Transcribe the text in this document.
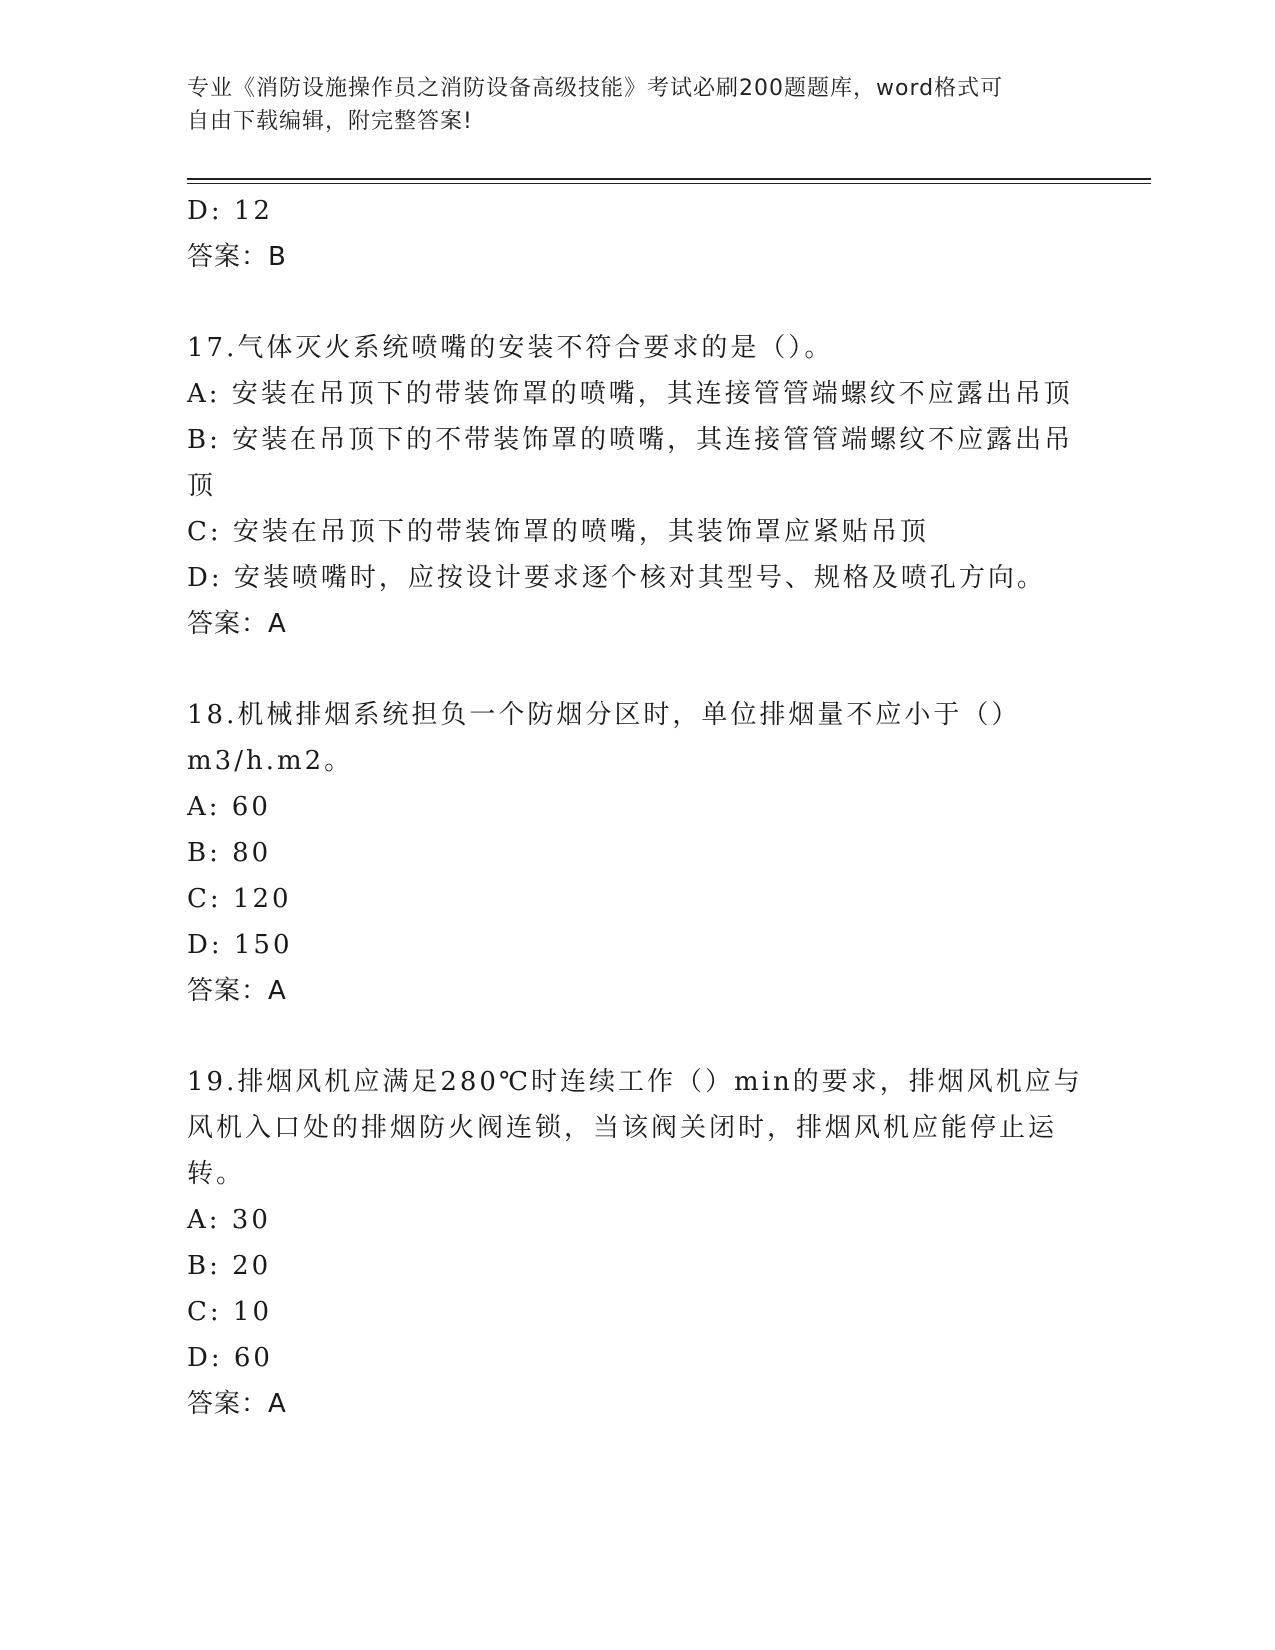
专业《消防设施操作员之消防设备高级技能》考试必刷200题题库，word格式可
自由下载编辑，附完整答案!
D: 12
答案：B
17.气体灭火系统喷嘴的安装不符合要求的是（）。
A: 安装在吊顶下的带装饰罩的喷嘴，其连接管管端螺纹不应露出吊顶
B: 安装在吊顶下的不带装饰罩的喷嘴，其连接管管端螺纹不应露出吊
顶
C: 安装在吊顶下的带装饰罩的喷嘴，其装饰罩应紧贴吊顶
D: 安装喷嘴时，应按设计要求逐个核对其型号、规格及喷孔方向。
答案：A
18.机械排烟系统担负一个防烟分区时，单位排烟量不应小于（）
m3/h.m2。
A: 60
B: 80
C: 120
D: 150
答案：A
19.排烟风机应满足280℃时连续工作（）min的要求，排烟风机应与
风机入口处的排烟防火阀连锁，当该阀关闭时，排烟风机应能停止运
转。
A: 30
B: 20
C: 10
D: 60
答案：A
